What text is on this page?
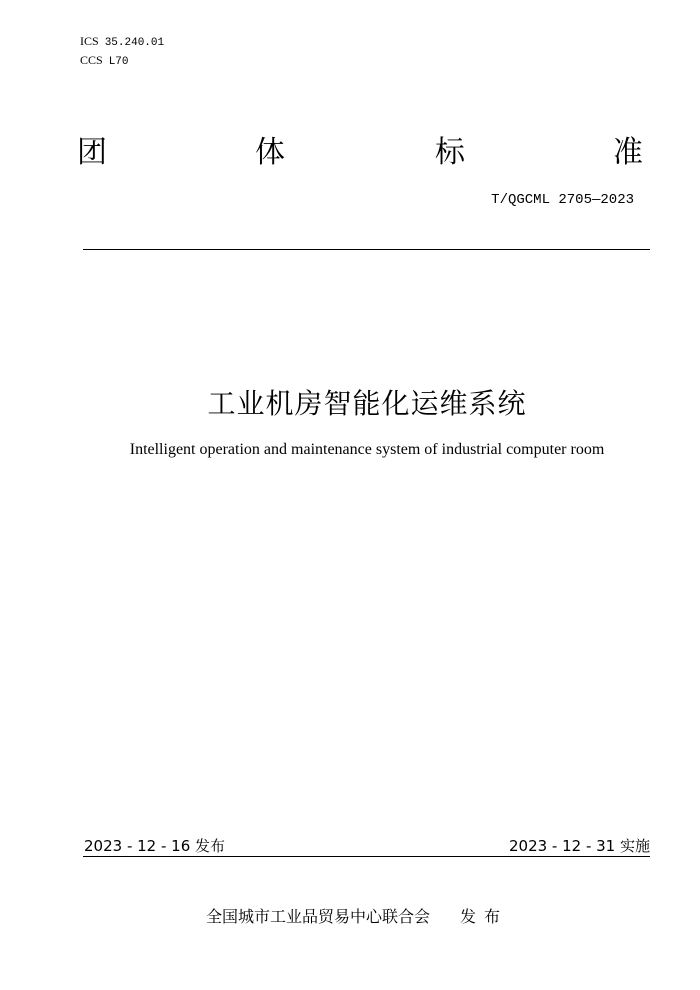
ICS 35.240.01
CCS L70
团	体	标	准
T/QGCML 2705—2023
工业机房智能化运维系统
Intelligent operation and maintenance system of industrial computer room
2023 - 12 - 16 发布	2023 - 12 - 31 实施
全国城市工业品贸易中心联合会 发布
